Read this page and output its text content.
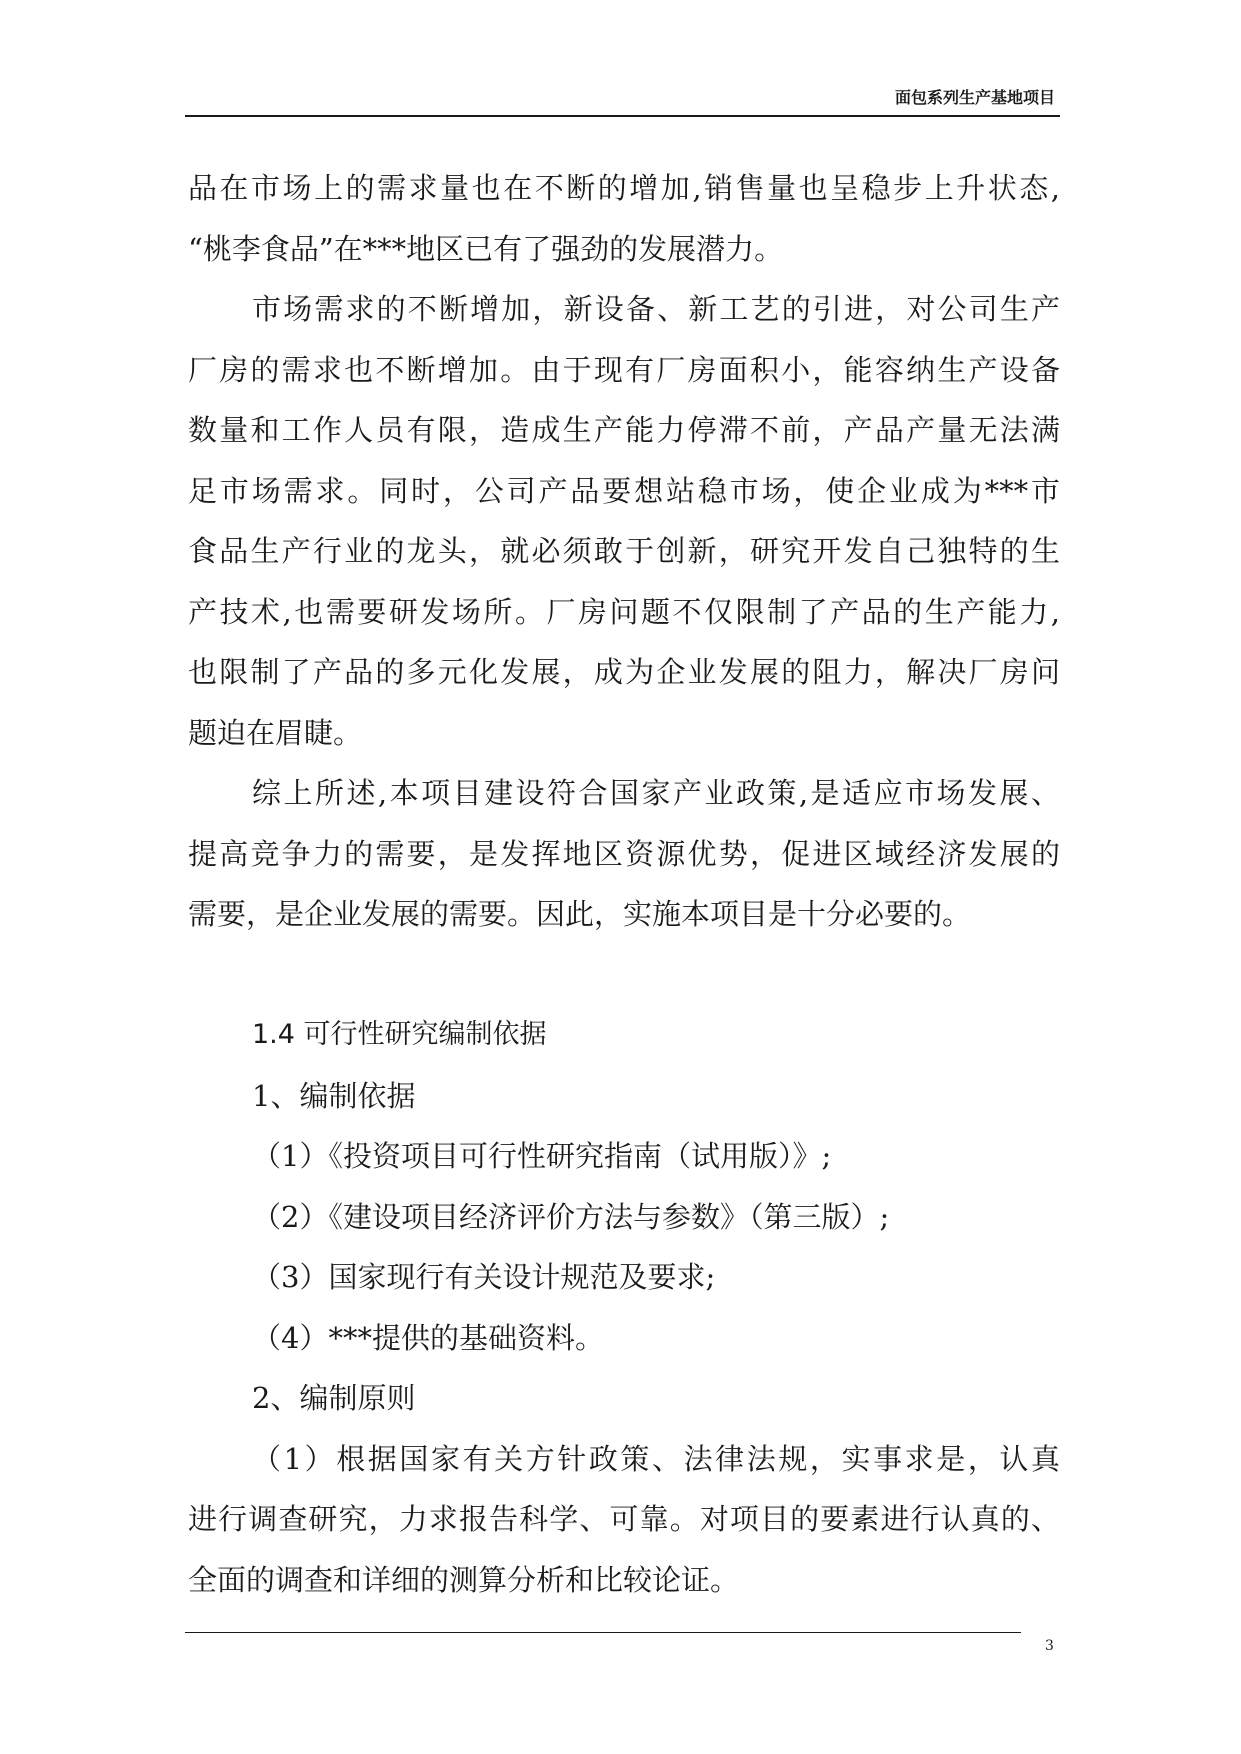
面包系列生产基地项目
品在市场上的需求量也在不断的增加,销售量也呈稳步上升状态,
“桃李食品”在***地区已有了强劲的发展潜力。
市场需求的不断增加，新设备、新工艺的引进，对公司生产
厂房的需求也不断增加。由于现有厂房面积小，能容纳生产设备
数量和工作人员有限，造成生产能力停滞不前，产品产量无法满
足市场需求。同时，公司产品要想站稳市场，使企业成为***市
食品生产行业的龙头，就必须敢于创新，研究开发自己独特的生
产技术,也需要研发场所。厂房问题不仅限制了产品的生产能力,
也限制了产品的多元化发展，成为企业发展的阻力，解决厂房问
题迫在眉睫。
综上所述,本项目建设符合国家产业政策,是适应市场发展、
提高竞争力的需要，是发挥地区资源优势，促进区域经济发展的
需要，是企业发展的需要。因此，实施本项目是十分必要的。
1.4 可行性研究编制依据
1、编制依据
（1）《投资项目可行性研究指南（试用版）》;
（2）《建设项目经济评价方法与参数》（第三版）;
（3）国家现行有关设计规范及要求;
（4）***提供的基础资料。
2、编制原则
（1）根据国家有关方针政策、法律法规，实事求是，认真
进行调查研究，力求报告科学、可靠。对项目的要素进行认真的、
全面的调查和详细的测算分析和比较论证。
3
